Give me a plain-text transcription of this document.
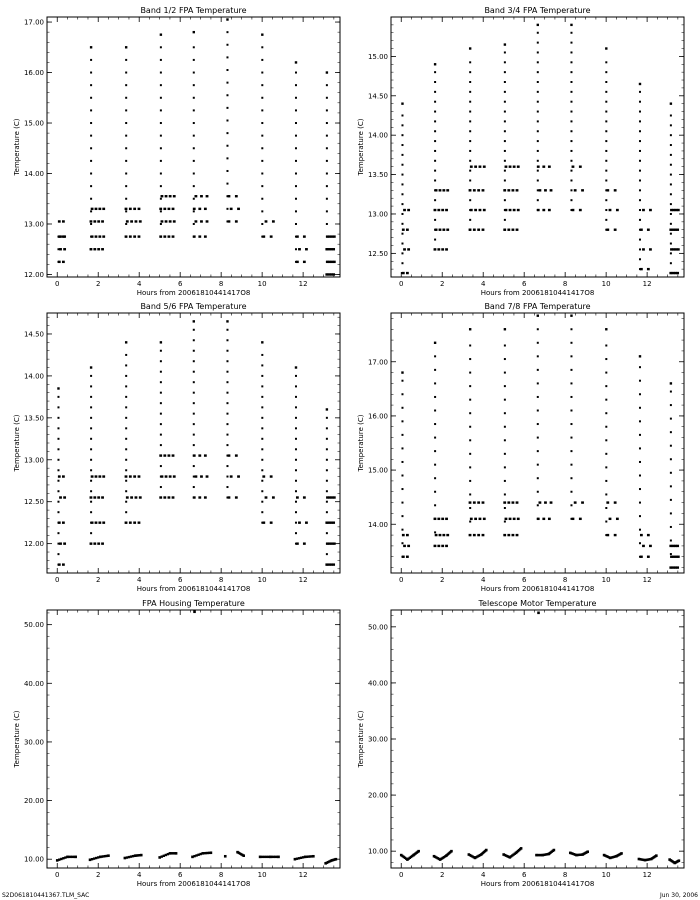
Band 1/2 FPA Temperature
0	2	4	6	8	10	12
12.00
13.00
14.00
15.00
16.00
17.00
Hours from 20061810441417O8
Temperature (C)
Band 3/4 FPA Temperature
0	2	4	6	8	10	12
12.50
13.00
13.50
14.00
14.50
15.00
Hours from 20061810441417O8
Temperature (C)
Band 5/6 FPA Temperature
0	2	4	6	8	10	12
12.00
12.50
13.00
13.50
14.00
14.50
Hours from 20061810441417O8
Temperature (C)
Band 7/8 FPA Temperature
0	2	4	6	8	10	12
14.00
15.00
16.00
17.00
Hours from 20061810441417O8
Temperature (C)
FPA Housing Temperature
0	2	4	6	8	10	12
10.00
20.00
30.00
40.00
50.00
Hours from 20061810441417O8
Temperature (C)
Telescope Motor Temperature
0	2	4	6	8	10	12
10.00
20.00
30.00
40.00
50.00
Hours from 20061810441417O8
Temperature (C)
S2D061810441367.TLM_SAC	Jun 30, 2006
